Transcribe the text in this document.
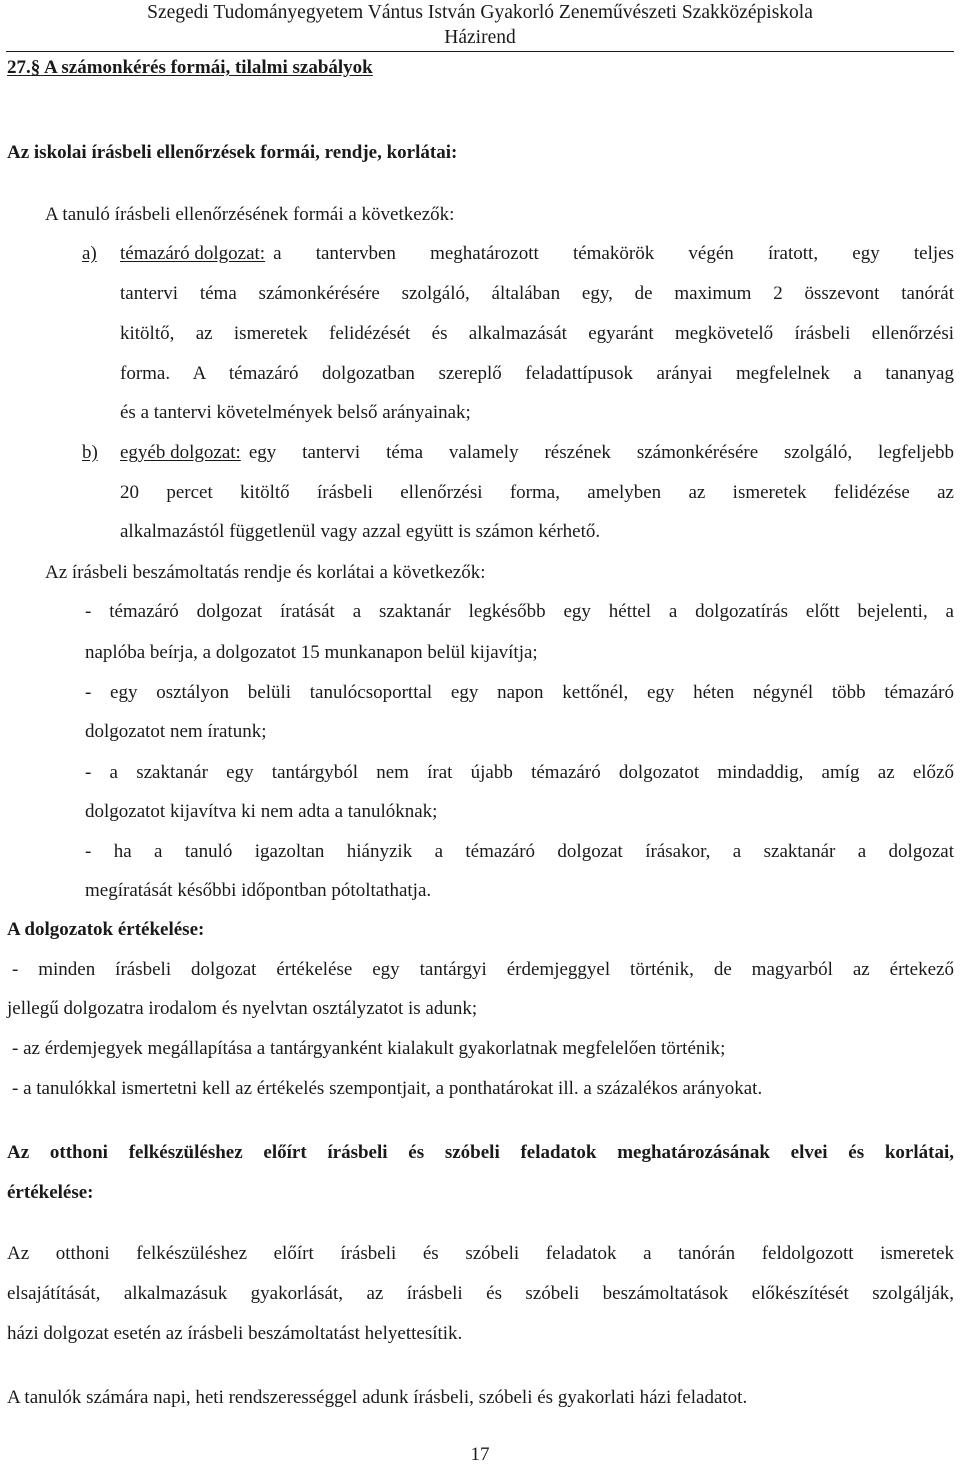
Szegedi Tudományegyetem Vántus István Gyakorló Zeneművészeti Szakközépiskola
Házirend
27.§ A számonkérés formái, tilalmi szabályok
Az iskolai írásbeli ellenőrzések formái, rendje, korlátai:
A tanuló írásbeli ellenőrzésének formái a következők:
a) témazáró dolgozat: a tantervben meghatározott témakörök végén íratott, egy teljes
tantervi téma számonkérésére szolgáló, általában egy, de maximum 2 összevont tanórát
kitöltő, az ismeretek felidézését és alkalmazását egyaránt megkövetelő írásbeli ellenőrzési
forma. A témazáró dolgozatban szereplő feladattípusok arányai megfelelnek a tananyag
és a tantervi követelmények belső arányainak;
b) egyéb dolgozat: egy tantervi téma valamely részének számonkérésére szolgáló, legfeljebb
20 percet kitöltő írásbeli ellenőrzési forma, amelyben az ismeretek felidézése az
alkalmazástól függetlenül vagy azzal együtt is számon kérhető.
Az írásbeli beszámoltatás rendje és korlátai a következők:
- témazáró dolgozat íratását a szaktanár legkésőbb egy héttel a dolgozatírás előtt bejelenti, a
naplóba beírja, a dolgozatot 15 munkanapon belül kijavítja;
- egy osztályon belüli tanulócsoporttal egy napon kettőnél, egy héten négynél több témazáró
dolgozatot nem íratunk;
- a szaktanár egy tantárgyból nem írat újabb témazáró dolgozatot mindaddig, amíg az előző
dolgozatot kijavítva ki nem adta a tanulóknak;
- ha a tanuló igazoltan hiányzik a témazáró dolgozat írásakor, a szaktanár a dolgozat
megíratását későbbi időpontban pótoltathatja.
A dolgozatok értékelése:
- minden írásbeli dolgozat értékelése egy tantárgyi érdemjeggyel történik, de magyarból az értekező
jellegű dolgozatra irodalom és nyelvtan osztályzatot is adunk;
- az érdemjegyek megállapítása a tantárgyanként kialakult gyakorlatnak megfelelően történik;
- a tanulókkal ismertetni kell az értékelés szempontjait, a ponthatárokat ill. a százalékos arányokat.
Az otthoni felkészüléshez előírt írásbeli és szóbeli feladatok meghatározásának elvei és korlátai,
értékelése:
Az otthoni felkészüléshez előírt írásbeli és szóbeli feladatok a tanórán feldolgozott ismeretek
elsajátítását, alkalmazásuk gyakorlását, az írásbeli és szóbeli beszámoltatások előkészítését szolgálják,
házi dolgozat esetén az írásbeli beszámoltatást helyettesítik.
A tanulók számára napi, heti rendszerességgel adunk írásbeli, szóbeli és gyakorlati házi feladatot.
17
